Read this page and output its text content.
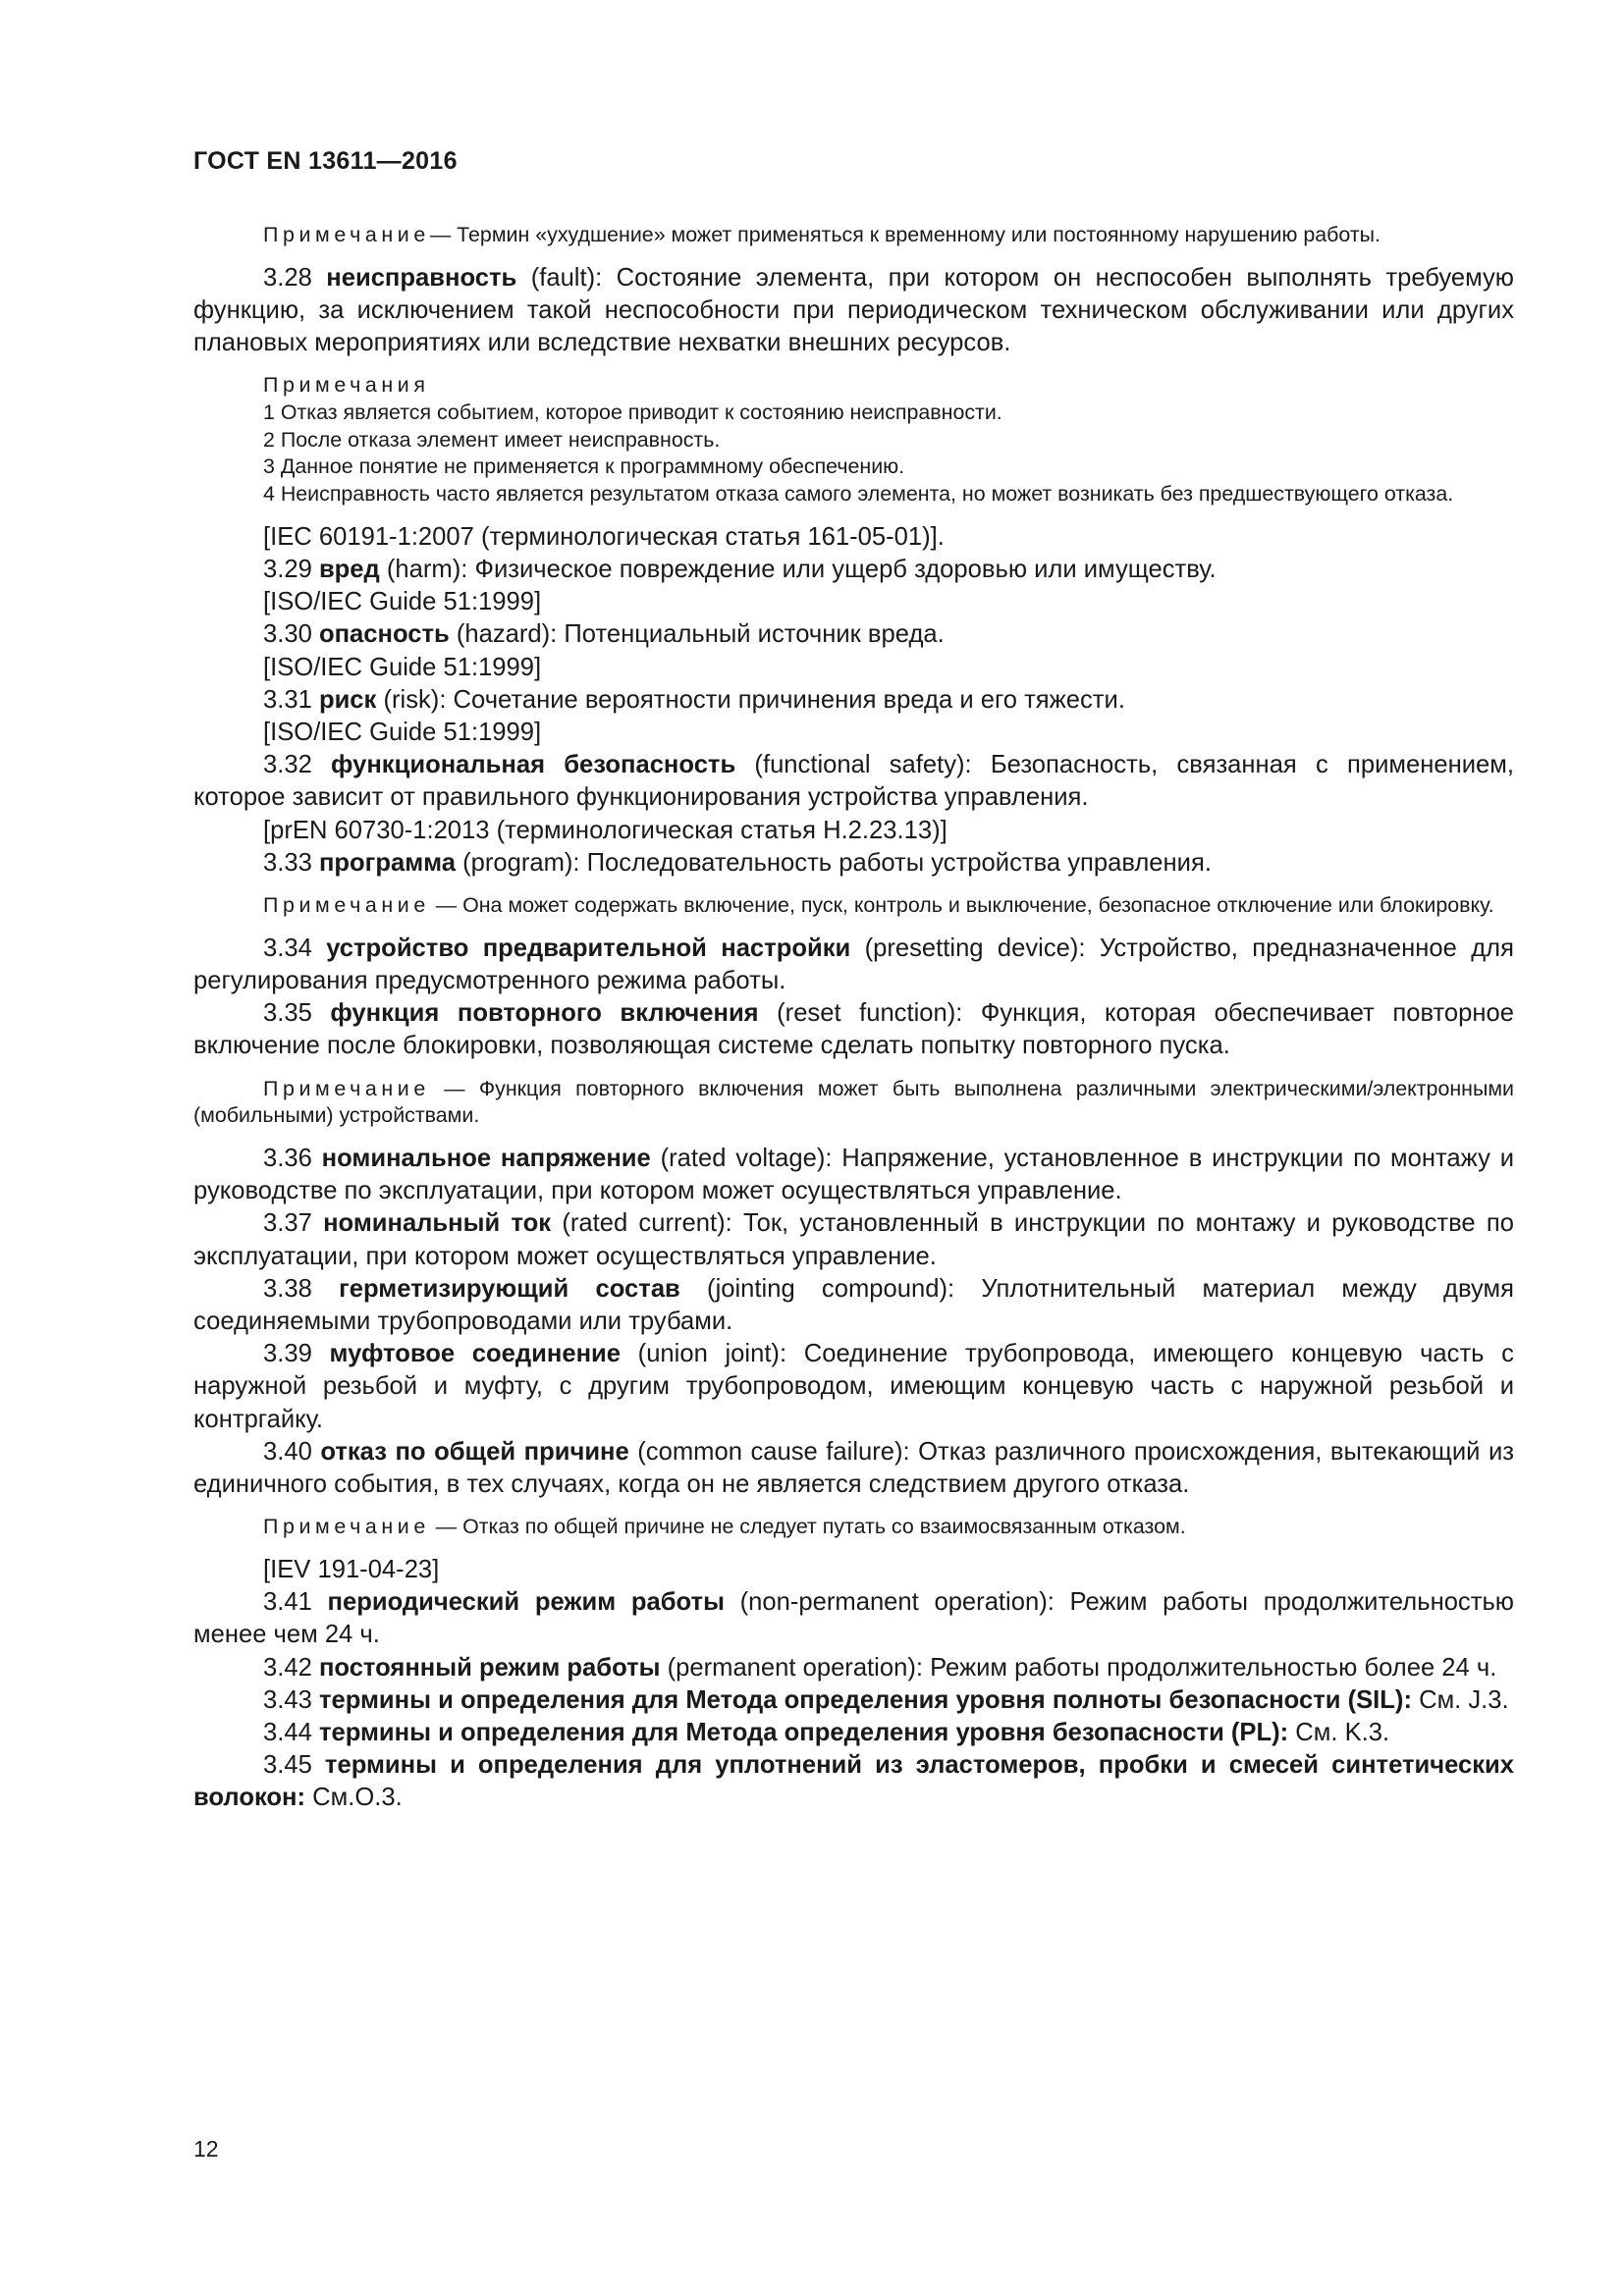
ГОСТ EN 13611—2016

Примечание— Термин «ухудшение» может применяться к временному или постоянному нарушению работы.

3.28 неисправность (fault): Состояние элемента, при котором он неспособен выполнять требуемую функцию, за исключением такой неспособности при периодическом техническом обслуживании или других плановых мероприятиях или вследствие нехватки внешних ресурсов.

Примечания

1 Отказ является событием, которое приводит к состоянию неисправности.

2 После отказа элемент имеет неисправность.

3 Данное понятие не применяется к программному обеспечению.

4 Неисправность часто является результатом отказа самого элемента, но может возникать без предшествующего отказа.

[IEC 60191-1:2007 (терминологическая статья 161-05-01)].

3.29 вред (harm): Физическое повреждение или ущерб здоровью или имуществу.

[ISO/IEC Guide 51:1999]

3.30 опасность (hazard): Потенциальный источник вреда.

[ISO/IEC Guide 51:1999]

3.31 риск (risk): Сочетание вероятности причинения вреда и его тяжести.

[ISO/IEC Guide 51:1999]

3.32 функциональная безопасность (functional safety): Безопасность, связанная с применением, которое зависит от правильного функционирования устройства управления.

[prEN 60730-1:2013 (терминологическая статья H.2.23.13)]

3.33 программа (program): Последовательность работы устройства управления.

Примечание — Она может содержать включение, пуск, контроль и выключение, безопасное отключение или блокировку.

3.34 устройство предварительной настройки (presetting device): Устройство, предназначенное для регулирования предусмотренного режима работы.

3.35 функция повторного включения (reset function): Функция, которая обеспечивает повторное включение после блокировки, позволяющая системе сделать попытку повторного пуска.

Примечание — Функция повторного включения может быть выполнена различными электрическими/электронными (мобильными) устройствами.

3.36 номинальное напряжение (rated voltage): Напряжение, установленное в инструкции по монтажу и руководстве по эксплуатации, при котором может осуществляться управление.

3.37 номинальный ток (rated current): Ток, установленный в инструкции по монтажу и руководстве по эксплуатации, при котором может осуществляться управление.

3.38 герметизирующий состав (jointing compound): Уплотнительный материал между двумя соединяемыми трубопроводами или трубами.

3.39 муфтовое соединение (union joint): Соединение трубопровода, имеющего концевую часть с наружной резьбой и муфту, с другим трубопроводом, имеющим концевую часть с наружной резьбой и контргайку.

3.40 отказ по общей причине (common cause failure): Отказ различного происхождения, вытекающий из единичного события, в тех случаях, когда он не является следствием другого отказа.

Примечание — Отказ по общей причине не следует путать со взаимосвязанным отказом.

[IEV 191-04-23]

3.41 периодический режим работы (non-permanent operation): Режим работы продолжительностью менее чем 24 ч.

3.42 постоянный режим работы (permanent operation): Режим работы продолжительностью более 24 ч.

3.43 термины и определения для Метода определения уровня полноты безопасности (SIL): См. J.3.

3.44 термины и определения для Метода определения уровня безопасности (PL): См. K.3.

3.45 термины и определения для уплотнений из эластомеров, пробки и смесей синтетических волокон: См.O.3.

12
